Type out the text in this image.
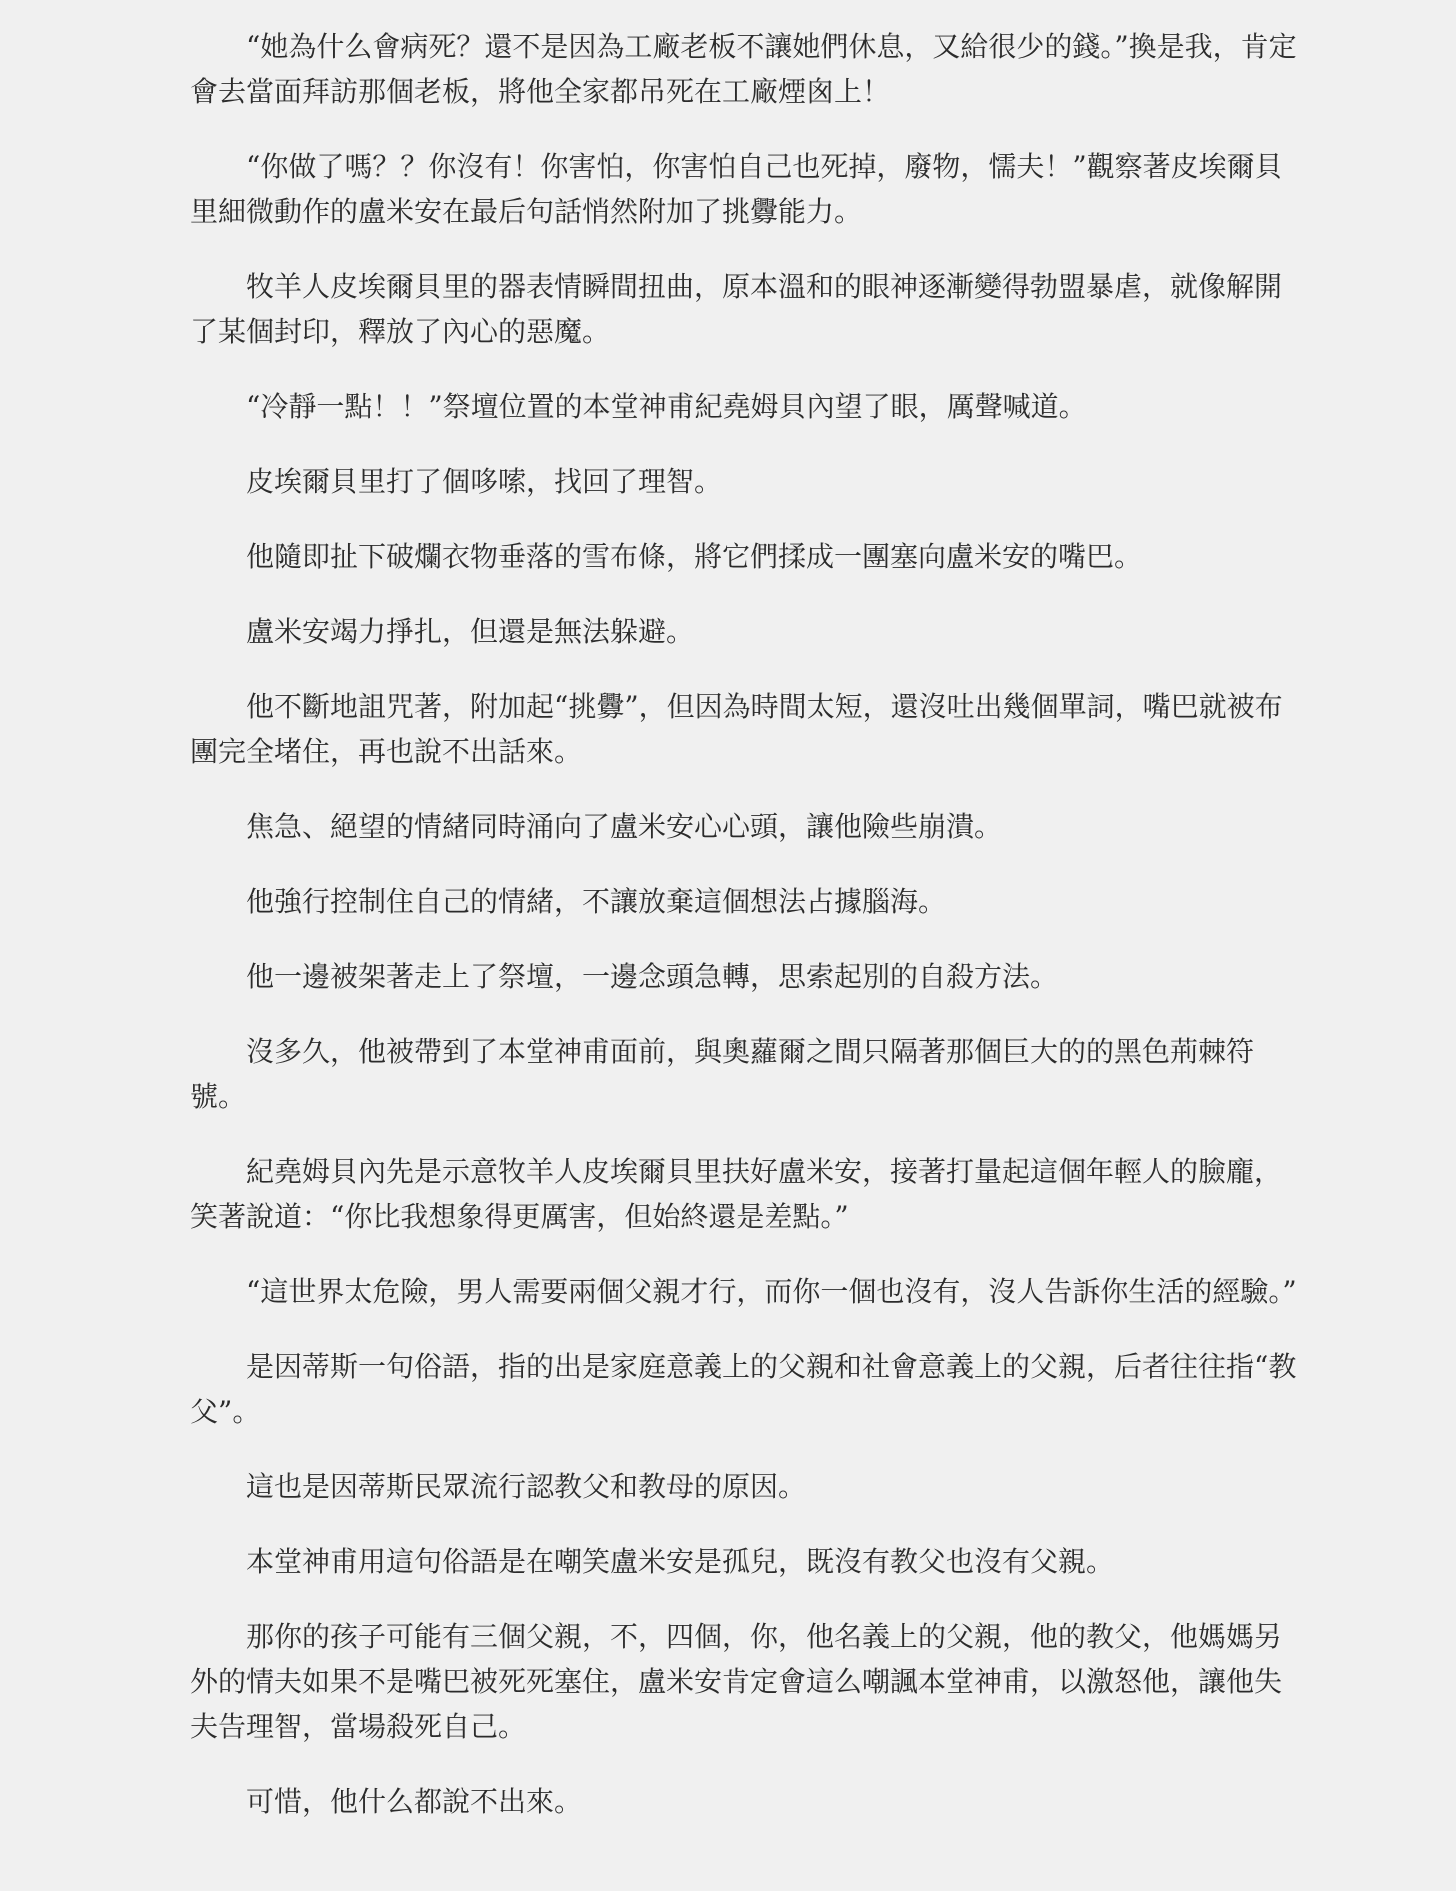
“她為什么會病死？還不是因為工廠老板不讓她們休息，又給很少的錢。”換是我，肯定會去當面拜訪那個老板，將他全家都吊死在工廠煙囪上！

“你做了嗎？？你沒有！你害怕，你害怕自己也死掉，廢物，懦夫！”觀察著皮埃爾貝里細微動作的盧米安在最后句話悄然附加了挑釁能力。

牧羊人皮埃爾貝里的器表情瞬間扭曲，原本溫和的眼神逐漸變得勃盟暴虐，就像解開了某個封印，釋放了內心的惡魔。

“冷靜一點！！”祭壇位置的本堂神甫紀堯姆貝內望了眼，厲聲喊道。

皮埃爾貝里打了個哆嗦，找回了理智。

他隨即扯下破爛衣物垂落的雪布條，將它們揉成一團塞向盧米安的嘴巴。

盧米安竭力掙扎，但還是無法躲避。

他不斷地詛咒著，附加起“挑釁”，但因為時間太短，還沒吐出幾個單詞，嘴巴就被布團完全堵住，再也說不出話來。

焦急、絕望的情緒同時涌向了盧米安心心頭，讓他險些崩潰。

他強行控制住自己的情緒，不讓放棄這個想法占據腦海。

他一邊被架著走上了祭壇，一邊念頭急轉，思索起別的自殺方法。

沒多久，他被帶到了本堂神甫面前，與奧蘿爾之間只隔著那個巨大的的黑色荊棘符號。

紀堯姆貝內先是示意牧羊人皮埃爾貝里扶好盧米安，接著打量起這個年輕人的臉龐，笑著說道：“你比我想象得更厲害，但始終還是差點。”

“這世界太危險，男人需要兩個父親才行，而你一個也沒有，沒人告訴你生活的經驗。”

是因蒂斯一句俗語，指的出是家庭意義上的父親和社會意義上的父親，后者往往指“教父”。

這也是因蒂斯民眾流行認教父和教母的原因。

本堂神甫用這句俗語是在嘲笑盧米安是孤兒，既沒有教父也沒有父親。

那你的孩子可能有三個父親，不，四個，你，他名義上的父親，他的教父，他媽媽另外的情夫如果不是嘴巴被死死塞住，盧米安肯定會這么嘲諷本堂神甫，以激怒他，讓他失夫告理智，當場殺死自己。

可惜，他什么都說不出來。
